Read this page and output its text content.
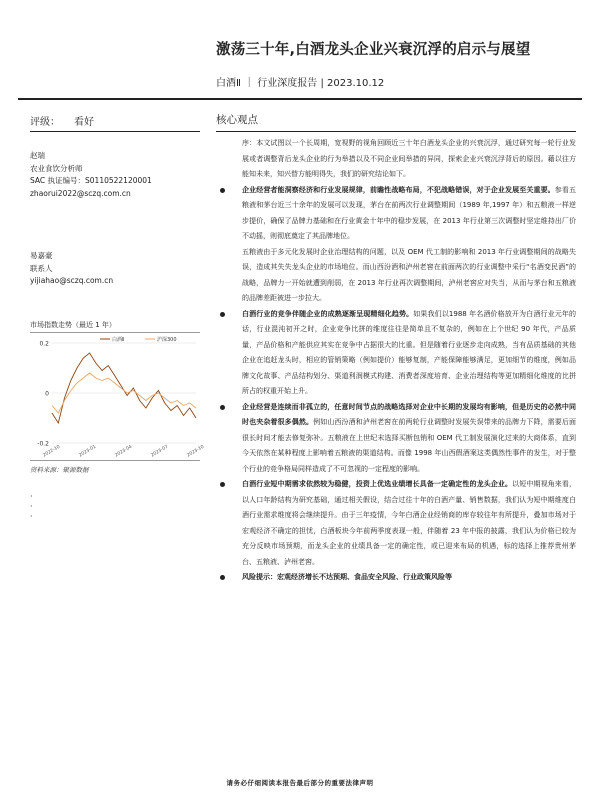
激荡三十年,白酒龙头企业兴衰沉浮的启示与展望
白酒Ⅱ ｜ 行业深度报告 | 2023.10.12
评级： 看好	核心观点
赵瑞
农业食饮分析师
SAC 执证编号：S0110522120001
zhaorui2022@sczq.com.cn
易嘉豪
联系人
yijiahao@sczq.com.cn
市场指数走势（最近 1 年）
0.2
0
-0.2
2022-10	2023-01	2023-04	2023-07	2023-10
白酒Ⅱ	沪深300
资料来源：聚源数据
·
·
·

序：本文试图以一个长周期，宽视野的视角回顾近三十年白酒龙头企业的兴衰沉浮，通过研究每一轮行业发展或者调整背后龙头企业的行为举措以及不同企业间举措的异同，探索企业兴衰沉浮背后的原因。藉以往方能知未来，知兴替方能明得失，我们的研究结论如下。

企业经营者能洞察经济和行业发展规律，前瞻性战略布局，不犯战略错误，对于企业发展至关重要。参看五粮液和茅台近三十余年的发展可以发现，茅台在前两次行业调整期间（1989 年,1997 年）和五粮液一样逆步提价，确保了品牌力基础和在行业黄金十年中的稳步发展，在 2013 年行业第三次调整时坚定维持出厂价不动摇，则彻底奠定了其品牌地位。

五粮液由于多元化发展时企业治理结构的问题，以及 OEM 代工制的影响和 2013 年行业调整期间的战略失误，造成其失失龙头企业的市场地位。而山西汾酒和泸州老窖在前面两次的行业调整中采行“名酒变民酒”的战略，品牌力一开始就遭到削弱，在 2013 年行业再次调整期间，泸州老窖应对失当，从而与茅台和五粮液的品牌差距被进一步拉大。

白酒行业的竞争伴随企业的成熟逐渐呈现精细化趋势。如果我们以1988 年名酒价格放开为白酒行业元年的话，行业混沌初开之时，企业竞争比拼的维度往往是简单且不复杂的，例如在上个世纪 90 年代，产品质量，产品价格和产能供应其实在竞争中占据很大的比重。但是随着行业逐步走向成熟，当有品质基础的其他企业在追赶龙头时，相应的管销策略（例如提价）能够复制，产能保障能够满足，更加细节的维度，例如品牌文化故事、产品结构划分、渠道利润模式构建、消费者深度培育、企业治理结构等更加精细化维度的比拼所占的权重开始上升。

企业经营是连续而非孤立的，任意时间节点的战略选择对企业中长期的发展均有影响，但是历史的必然中同时也夹杂着很多偶然。例如山西汾酒和泸州老窖在前两轮行业调整时发展失误带来的品牌力下降，需要后面很长时间才能去修复弥补。五粮液在上世纪末选择买断包销和 OEM 代工制发展演化过来的大商体系，直到今天依然在某种程度上影响着五粮液的渠道结构。而像 1998 年山西假酒案这类偶然性事件的发生，对于整个行业的竞争格局同样造成了不可忽视的一定程度的影响。

白酒行业短中期需求依然较为稳健，投资上优选业绩增长具备一定确定性的龙头企业。以短中期视角来看，以人口年龄结构为研究基础，通过相关假设，结合过往十年的白酒产量、销售数据，我们认为短中期维度白酒行业需求维度将会继续提升。由于三年疫情，今年白酒企业经销商的库存较往年有所提升，叠加市场对于宏观经济不确定的担忧，白酒板块今年前两季度表现一般，伴随着 23 年中报的披露，我们认为价格已较为充分反映市场预期，而龙头企业的业绩具备一定的确定性，或已迎来布局的机遇，标的选择上推荐贵州茅台、五粮液、泸州老窖。

风险提示：宏观经济增长不达预期、食品安全风险、行业政策风险等

请务必仔细阅读本报告最后部分的重要法律声明
